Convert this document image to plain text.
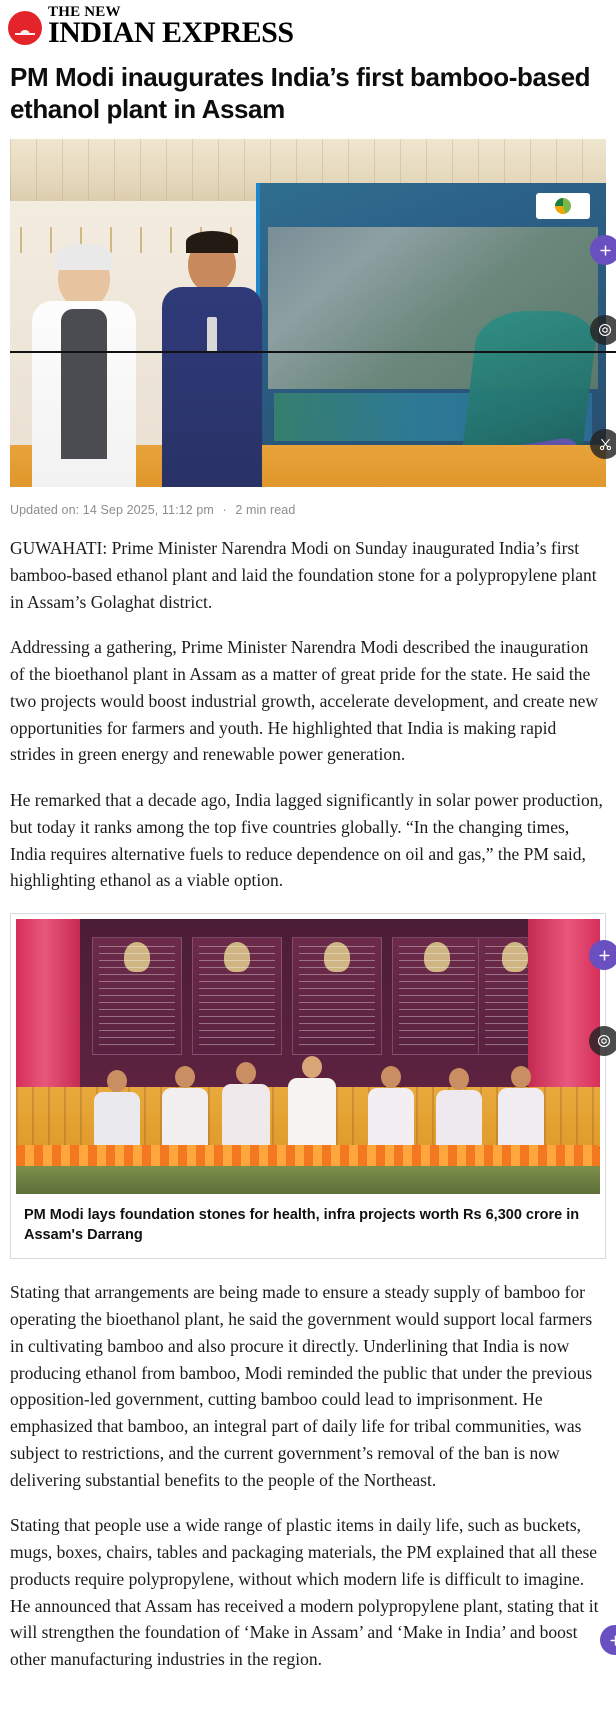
THE NEW
INDIAN EXPRESS
PM Modi inaugurates India’s first bamboo-based ethanol plant in Assam
Updated on: 14 Sep 2025, 11:12 pm · 2 min read

GUWAHATI: Prime Minister Narendra Modi on Sunday inaugurated India’s first bamboo-based ethanol plant and laid the foundation stone for a polypropylene plant in Assam’s Golaghat district.

Addressing a gathering, Prime Minister Narendra Modi described the inauguration of the bioethanol plant in Assam as a matter of great pride for the state. He said the two projects would boost industrial growth, accelerate development, and create new opportunities for farmers and youth. He highlighted that India is making rapid strides in green energy and renewable power generation.

He remarked that a decade ago, India lagged significantly in solar power production, but today it ranks among the top five countries globally. “In the changing times, India requires alternative fuels to reduce dependence on oil and gas,” the PM said, highlighting ethanol as a viable option.

PM Modi lays foundation stones for health, infra projects worth Rs 6,300 crore in Assam's Darrang

Stating that arrangements are being made to ensure a steady supply of bamboo for operating the bioethanol plant, he said the government would support local farmers in cultivating bamboo and also procure it directly. Underlining that India is now producing ethanol from bamboo, Modi reminded the public that under the previous opposition-led government, cutting bamboo could lead to imprisonment. He emphasized that bamboo, an integral part of daily life for tribal communities, was subject to restrictions, and the current government’s removal of the ban is now delivering substantial benefits to the people of the Northeast.

Stating that people use a wide range of plastic items in daily life, such as buckets, mugs, boxes, chairs, tables and packaging materials, the PM explained that all these products require polypropylene, without which modern life is difficult to imagine. He announced that Assam has received a modern polypropylene plant, stating that it will strengthen the foundation of ‘Make in Assam’ and ‘Make in India’ and boost other manufacturing industries in the region.
